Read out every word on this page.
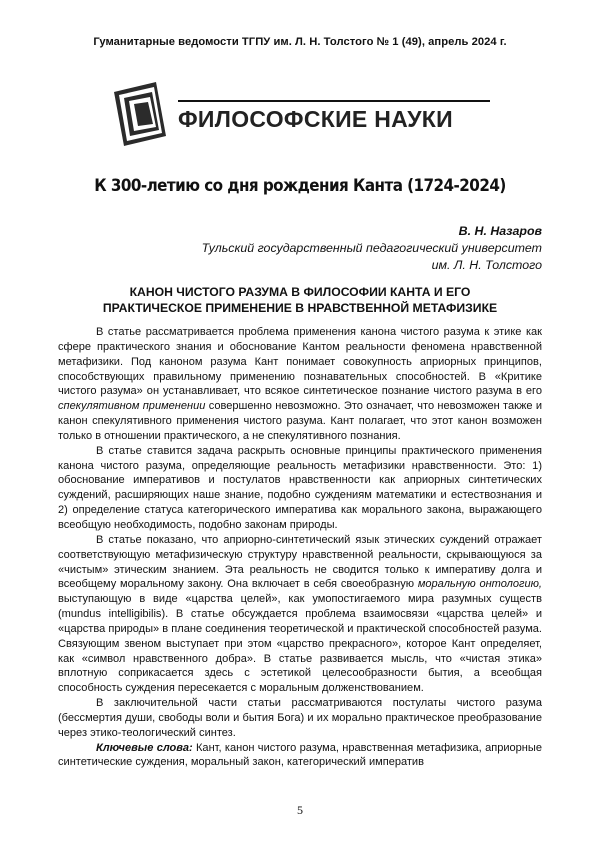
Гуманитарные ведомости ТГПУ им. Л. Н. Толстого № 1 (49), апрель 2024 г.
ФИЛОСОФСКИЕ НАУКИ
К 300-летию со дня рождения Канта (1724-2024)
В. Н. Назаров
Тульский государственный педагогический университет
им. Л. Н. Толстого
КАНОН ЧИСТОГО РАЗУМА В ФИЛОСОФИИ КАНТА И ЕГО
ПРАКТИЧЕСКОЕ ПРИМЕНЕНИЕ В НРАВСТВЕННОЙ МЕТАФИЗИКЕ

В статье рассматривается проблема применения канона чистого разума к этике как сфере практического знания и обоснование Кантом реальности феномена нравственной метафизики. Под каноном разума Кант понимает совокупность априорных принципов, способствующих правильному применению познавательных способностей. В «Критике чистого разума» он устанавливает, что всякое синтетическое познание чистого разума в его спекулятивном применении совершенно невозможно. Это означает, что невозможен также и канон спекулятивного применения чистого разума. Кант полагает, что этот канон возможен только в отношении практического, а не спекулятивного познания.

В статье ставится задача раскрыть основные принципы практического применения канона чистого разума, определяющие реальность метафизики нравственности. Это: 1) обоснование императивов и постулатов нравственности как априорных синтетических суждений, расширяющих наше знание, подобно суждениям математики и естествознания и 2) определение статуса категорического императива как морального закона, выражающего всеобщую необходимость, подобно законам природы.

В статье показано, что априорно-синтетический язык этических суждений отражает соответствующую метафизическую структуру нравственной реальности, скрывающуюся за «чистым» этическим знанием. Эта реальность не сводится только к императиву долга и всеобщему моральному закону. Она включает в себя своеобразную моральную онтологию, выступающую в виде «царства целей», как умопостигаемого мира разумных существ (mundus intelligibilis). В статье обсуждается проблема взаимосвязи «царства целей» и «царства природы» в плане соединения теоретической и практической способностей разума. Связующим звеном выступает при этом «царство прекрасного», которое Кант определяет, как «символ нравственного добра». В статье развивается мысль, что «чистая этика» вплотную соприкасается здесь с эстетикой целесообразности бытия, а всеобщая способность суждения пересекается с моральным долженствованием.

В заключительной части статьи рассматриваются постулаты чистого разума (бессмертия души, свободы воли и бытия Бога) и их морально практическое преобразование через этико-теологический синтез.

Ключевые слова: Кант, канон чистого разума, нравственная метафизика, априорные синтетические суждения, моральный закон, категорический императив

5
